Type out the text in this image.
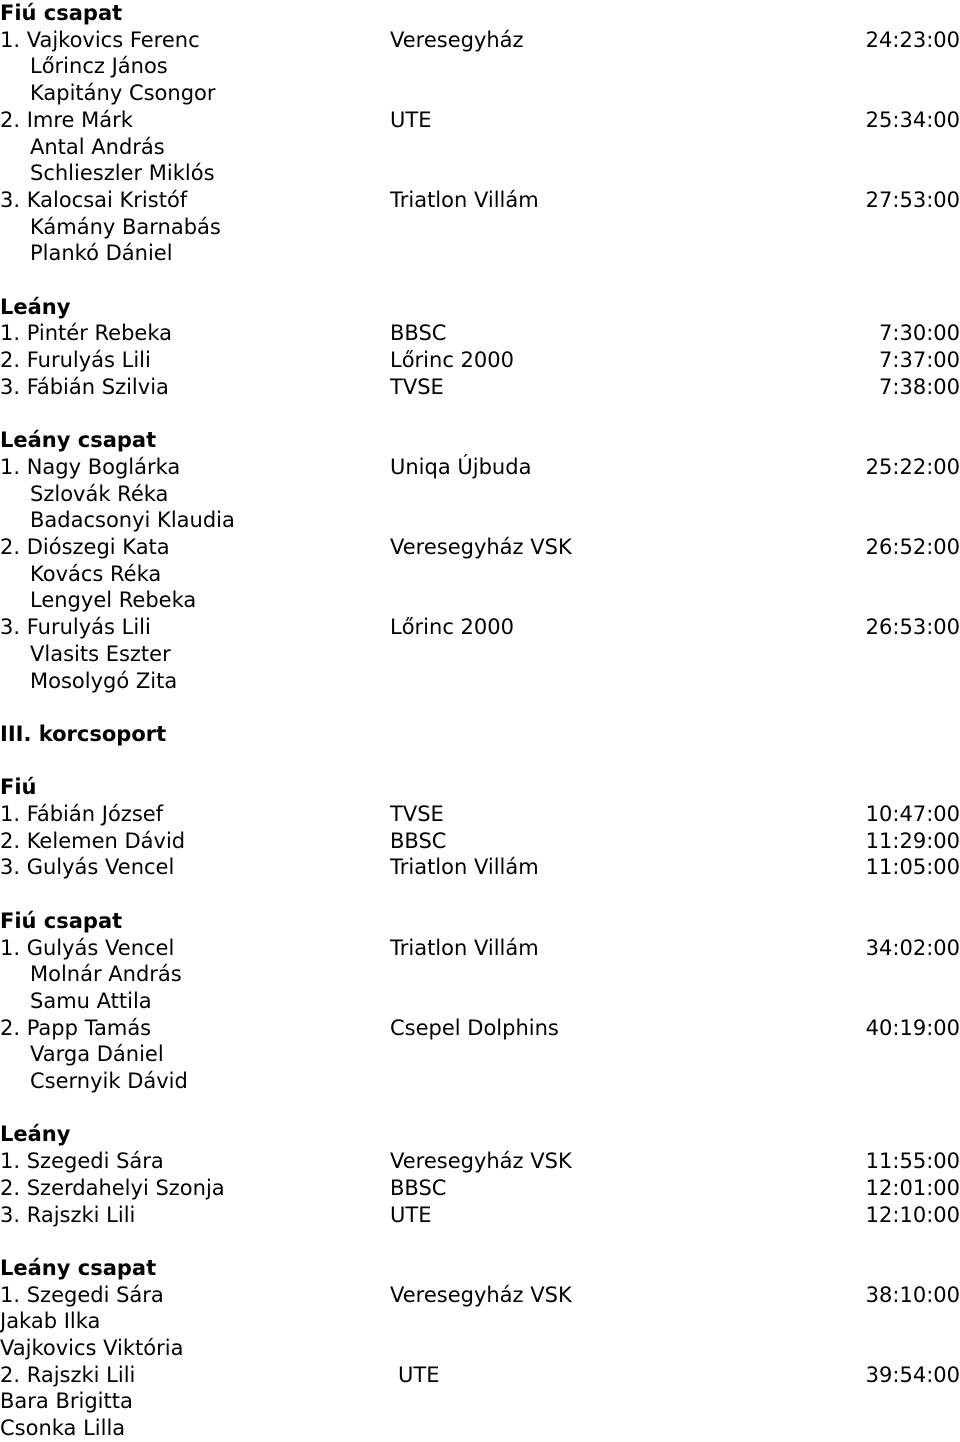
Fiú csapat
1. Vajkovics Ferenc	Veresegyház	24:23:00
Lőrincz János
Kapitány Csongor
2. Imre Márk	UTE	25:34:00
Antal András
Schlieszler Miklós
3. Kalocsai Kristóf	Triatlon Villám	27:53:00
Kámány Barnabás
Plankó Dániel
Leány
1. Pintér Rebeka	BBSC	7:30:00
2. Furulyás Lili	Lőrinc 2000	7:37:00
3. Fábián Szilvia	TVSE	7:38:00
Leány csapat
1. Nagy Boglárka	Uniqa Újbuda	25:22:00
Szlovák Réka
Badacsonyi Klaudia
2. Diószegi Kata	Veresegyház VSK	26:52:00
Kovács Réka
Lengyel Rebeka
3. Furulyás Lili	Lőrinc 2000	26:53:00
Vlasits Eszter
Mosolygó Zita
III. korcsoport
Fiú
1. Fábián József	TVSE	10:47:00
2. Kelemen Dávid	BBSC	11:29:00
3. Gulyás Vencel	Triatlon Villám	11:05:00
Fiú csapat
1. Gulyás Vencel	Triatlon Villám	34:02:00
Molnár András
Samu Attila
2. Papp Tamás	Csepel Dolphins	40:19:00
Varga Dániel
Csernyik Dávid
Leány
1. Szegedi Sára	Veresegyház VSK	11:55:00
2. Szerdahelyi Szonja	BBSC	12:01:00
3. Rajszki Lili	UTE	12:10:00
Leány csapat
1. Szegedi Sára	Veresegyház VSK	38:10:00
Jakab Ilka
Vajkovics Viktória
2. Rajszki Lili	UTE	39:54:00
Bara Brigitta
Csonka Lilla
